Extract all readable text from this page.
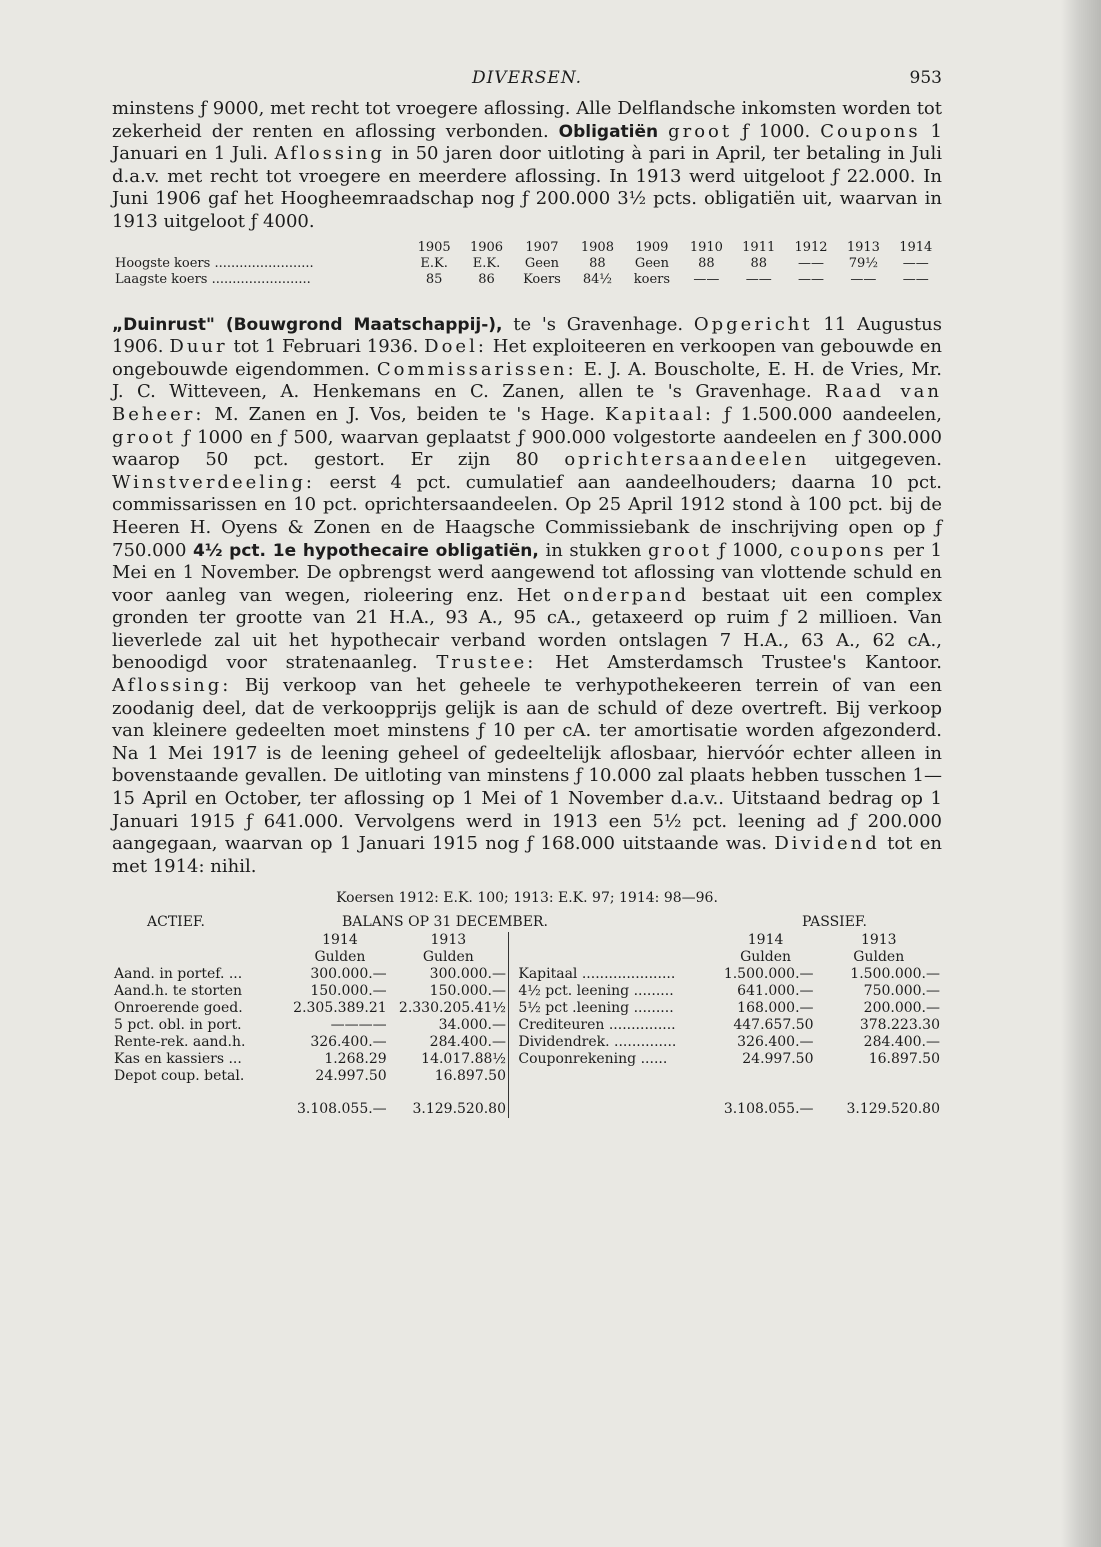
DIVERSEN.	953

minstens ƒ 9000, met recht tot vroegere aflossing. Alle Delflandsche inkomsten worden tot zekerheid der renten en aflossing verbonden. Obligatiën groot ƒ 1000. Coupons 1 Januari en 1 Juli. Aflossing in 50 jaren door uitloting à pari in April, ter betaling in Juli d.a.v. met recht tot vroegere en meerdere aflossing. In 1913 werd uitgeloot ƒ 22.000. In Juni 1906 gaf het Hoogheemraadschap nog ƒ 200.000 3½ pcts. obligatiën uit, waarvan in 1913 uitgeloot ƒ 4000.

	1905	1906	1907	1908	1909	1910	1911	1912	1913	1914
Hoogste koers ........................	E.K.	E.K.	Geen	88	Geen	88	88	——	79½	——
Laagste koers ........................	85	86	Koers	84½	koers	——	——	——	——	——

„Duinrust" (Bouwgrond Maatschappij-), te 's Gravenhage. Opgericht 11 Augustus 1906. Duur tot 1 Februari 1936. Doel: Het exploiteeren en verkoopen van gebouwde en ongebouwde eigendommen. Commissarissen: E. J. A. Bouscholte, E. H. de Vries, Mr. J. C. Witteveen, A. Henkemans en C. Zanen, allen te 's Gravenhage. Raad van Beheer: M. Zanen en J. Vos, beiden te 's Hage. Kapitaal: ƒ 1.500.000 aandeelen, groot ƒ 1000 en ƒ 500, waarvan geplaatst ƒ 900.000 volgestorte aandeelen en ƒ 300.000 waarop 50 pct. gestort. Er zijn 80 oprichtersaandeelen uitgegeven. Winstverdeeling: eerst 4 pct. cumulatief aan aandeelhouders; daarna 10 pct. commissarissen en 10 pct. oprichtersaandeelen. Op 25 April 1912 stond à 100 pct. bij de Heeren H. Oyens & Zonen en de Haagsche Commissiebank de inschrijving open op ƒ 750.000 4½ pct. 1e hypothecaire obligatiën, in stukken groot ƒ 1000, coupons per 1 Mei en 1 November. De opbrengst werd aangewend tot aflossing van vlottende schuld en voor aanleg van wegen, rioleering enz. Het onderpand bestaat uit een complex gronden ter grootte van 21 H.A., 93 A., 95 cA., getaxeerd op ruim ƒ 2 millioen. Van lieverlede zal uit het hypothecair verband worden ontslagen 7 H.A., 63 A., 62 cA., benoodigd voor stratenaanleg. Trustee: Het Amsterdamsch Trustee's Kantoor. Aflossing: Bij verkoop van het geheele te verhypothekeeren terrein of van een zoodanig deel, dat de verkoopprijs gelijk is aan de schuld of deze overtreft. Bij verkoop van kleinere gedeelten moet minstens ƒ 10 per cA. ter amortisatie worden afgezonderd. Na 1 Mei 1917 is de leening geheel of gedeeltelijk aflosbaar, hiervóór echter alleen in bovenstaande gevallen. De uitloting van minstens ƒ 10.000 zal plaats hebben tusschen 1—15 April en October, ter aflossing op 1 Mei of 1 November d.a.v.. Uitstaand bedrag op 1 Januari 1915 ƒ 641.000. Vervolgens werd in 1913 een 5½ pct. leening ad ƒ 200.000 aangegaan, waarvan op 1 Januari 1915 nog ƒ 168.000 uitstaande was. Dividend tot en met 1914: nihil.

Koersen 1912: E.K. 100; 1913: E.K. 97; 1914: 98—96.
ACTIEF.	BALANS OP 31 DECEMBER.	PASSIEF.
	1914	1913			1914	1913
	Gulden	Gulden			Gulden	Gulden
Aand. in portef. ...	300.000.—	300.000.—		Kapitaal .....................	1.500.000.—	1.500.000.—
Aand.h. te storten	150.000.—	150.000.—		4½ pct. leening .........	641.000.—	750.000.—
Onroerende goed.	2.305.389.21	2.330.205.41½		5½ pct .leening .........	168.000.—	200.000.—
5 pct. obl. in port.	————	34.000.—		Crediteuren ...............	447.657.50	378.223.30
Rente-rek. aand.h.	326.400.—	284.400.—		Dividendrek. ..............	326.400.—	284.400.—
Kas en kassiers ...	1.268.29	14.017.88½		Couponrekening ......	24.997.50	16.897.50
Depot coup. betal.	24.997.50	16.897.50				
	3.108.055.—	3.129.520.80			3.108.055.—	3.129.520.80
